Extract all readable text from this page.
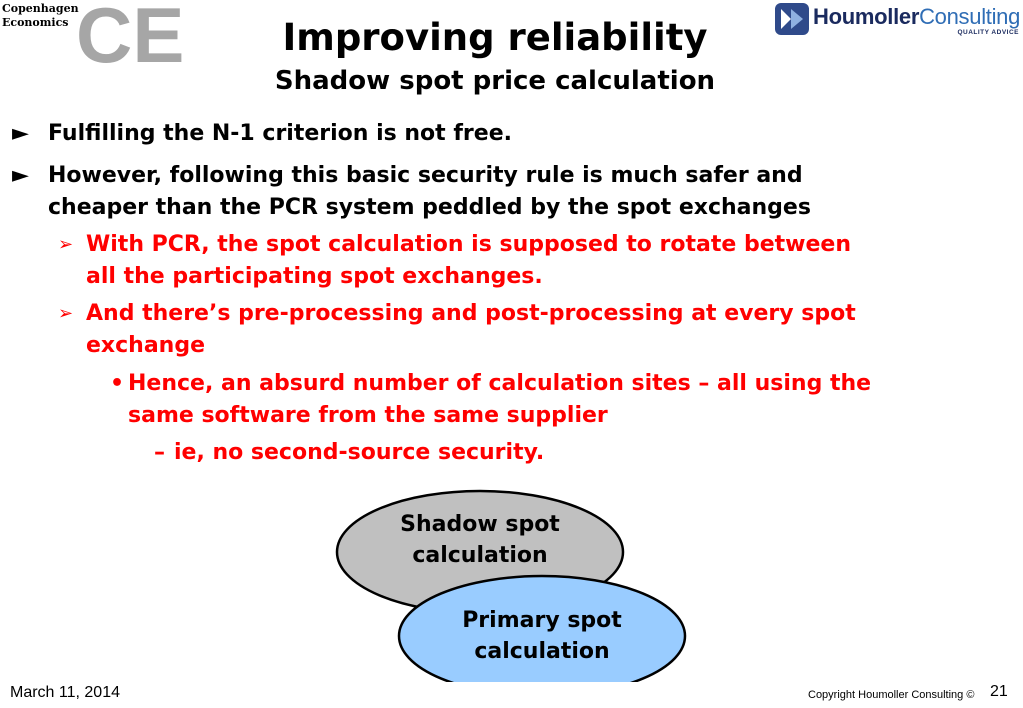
Copenhagen
Economics CE	HoumollerConsulting
QUALITY ADVICE
Improving reliability
Shadow spot price calculation
► Fulfilling the N-1 criterion is not free.
► However, following this basic security rule is much safer and
cheaper than the PCR system peddled by the spot exchanges
➢ With PCR, the spot calculation is supposed to rotate between
all the participating spot exchanges.
➢ And there’s pre-processing and post-processing at every spot
exchange
• Hence, an absurd number of calculation sites – all using the
same software from the same supplier
– ie, no second-source security.
Shadow spot
calculation
Primary spot
calculation
March 11, 2014	Copyright Houmoller Consulting © 21
